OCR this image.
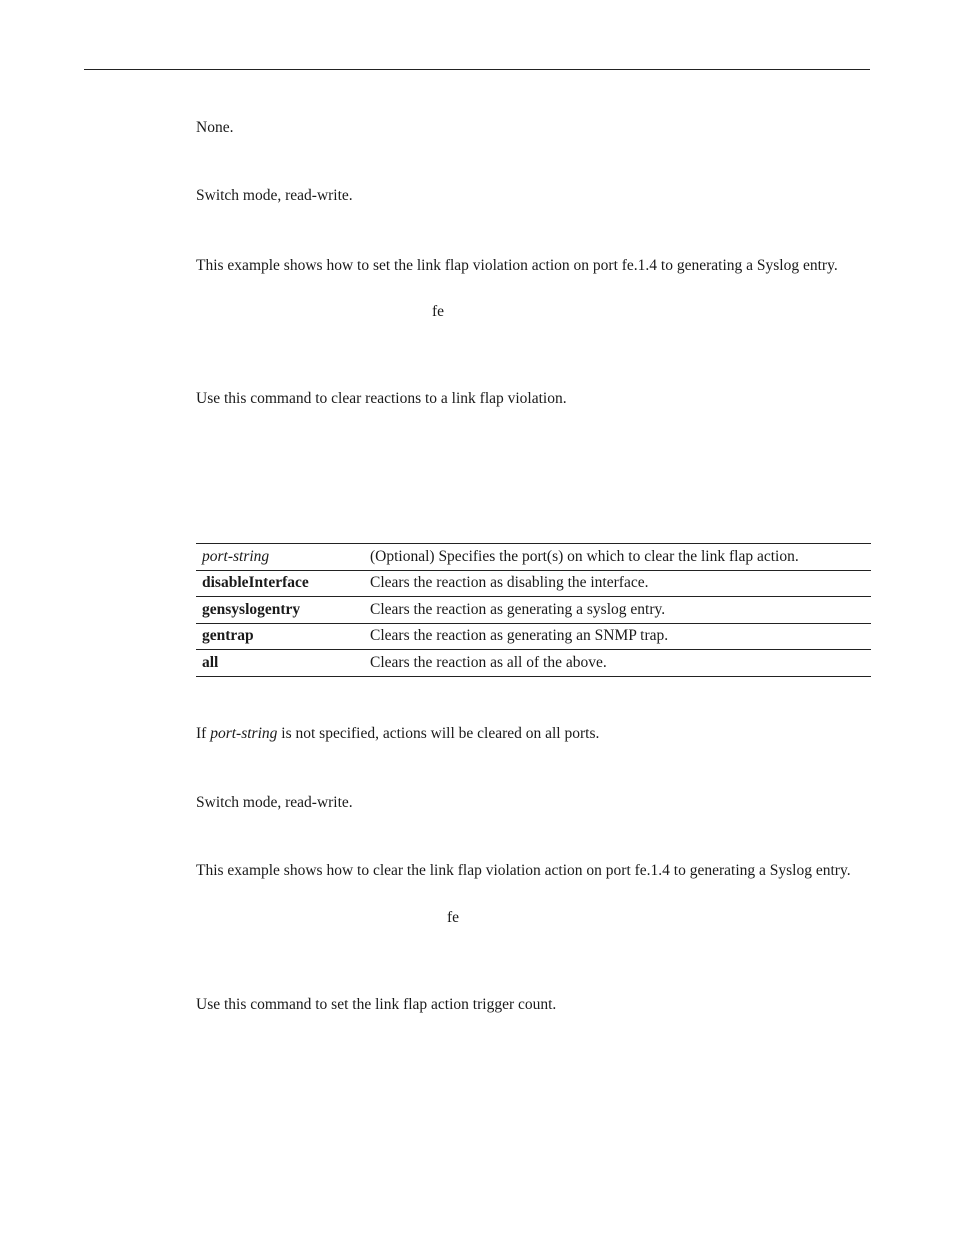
None.

Switch mode, read-write.

This example shows how to set the link flap violation action on port fe.1.4 to generating a Syslog entry.

fe

Use this command to clear reactions to a link flap violation.

port-string	(Optional) Specifies the port(s) on which to clear the link flap action.
disableInterface	Clears the reaction as disabling the interface.
gensyslogentry	Clears the reaction as generating a syslog entry.
gentrap	Clears the reaction as generating an SNMP trap.
all	Clears the reaction as all of the above.

If port-string is not specified, actions will be cleared on all ports.

Switch mode, read-write.

This example shows how to clear the link flap violation action on port fe.1.4 to generating a Syslog entry.

fe

Use this command to set the link flap action trigger count.
